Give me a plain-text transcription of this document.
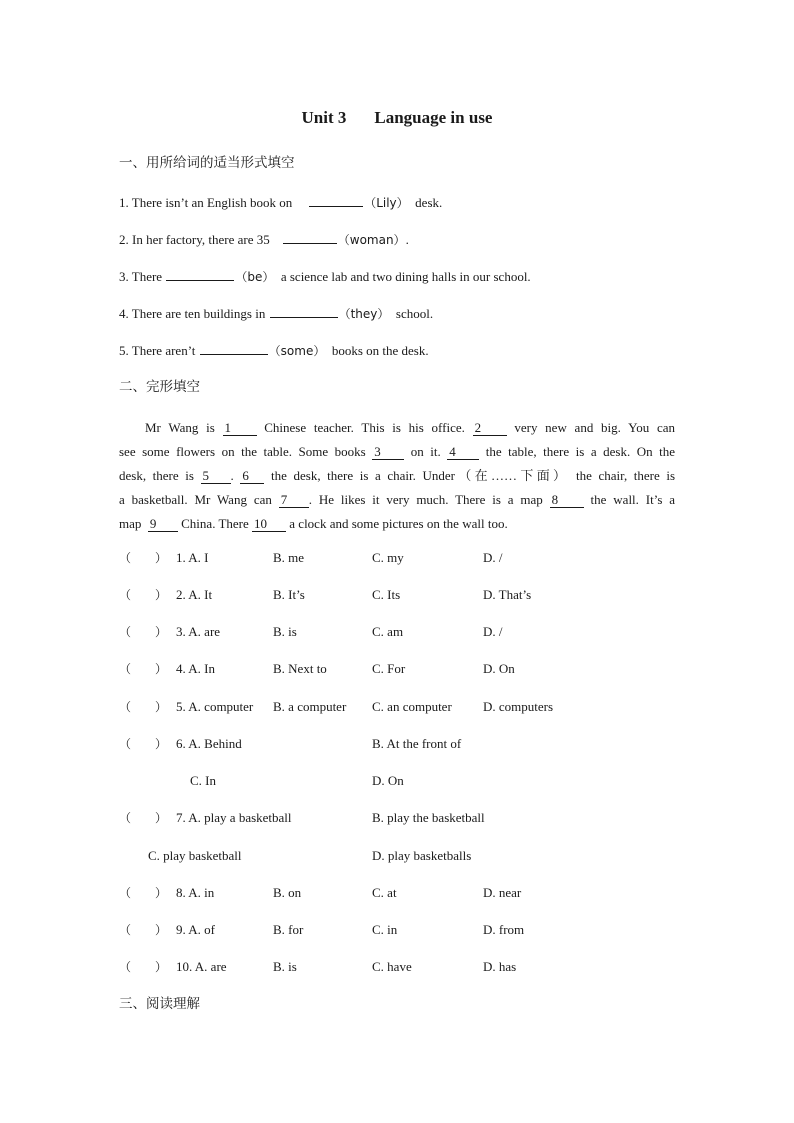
Unit 3 Language in use
一、用所给词的适当形式填空
1. There isn’t an English book on	（Lily） desk.
2. In her factory, there are 35	（woman）.
3. There	（be） a science lab and two dining halls in our school.
4. There are ten buildings in	（they） school.
5. There aren’t	（some） books on the desk.
二、完形填空
  Mr Wang is 1	Chinese teacher. This is his office. 2	very new and big. You can
see some flowers on the table. Some books 3 on it. 4 the table, there is a desk. On the
desk, there is 5 . 6 the desk, there is a chair. Under（在……下面） the chair, there is
a basketball. Mr Wang can 7 . He likes it very much. There is a map 8 the wall. It’s a
map 9 China. There 10 a clock and some pictures on the wall too.
（　　） 1. A. I	B. me	C. my	D. /
（　　） 2. A. It	B. It’s	C. Its	D. That’s
（　　） 3. A. are	B. is	C. am	D. /
（　　） 4. A. In	B. Next to	C. For	D. On
（　　） 5. A. computer B. a computer C. an computer D. computers
（　　） 6. A. Behind	B. At the front of
C. In	D. On
（　　） 7. A. play a basketball	B. play the basketball
C. play basketball	D. play basketballs
（　　） 8. A. in	B. on	C. at	D. near
（　　） 9. A. of	B. for	C. in	D. from
（　　） 10. A. are	B. is	C. have	D. has
三、阅读理解
